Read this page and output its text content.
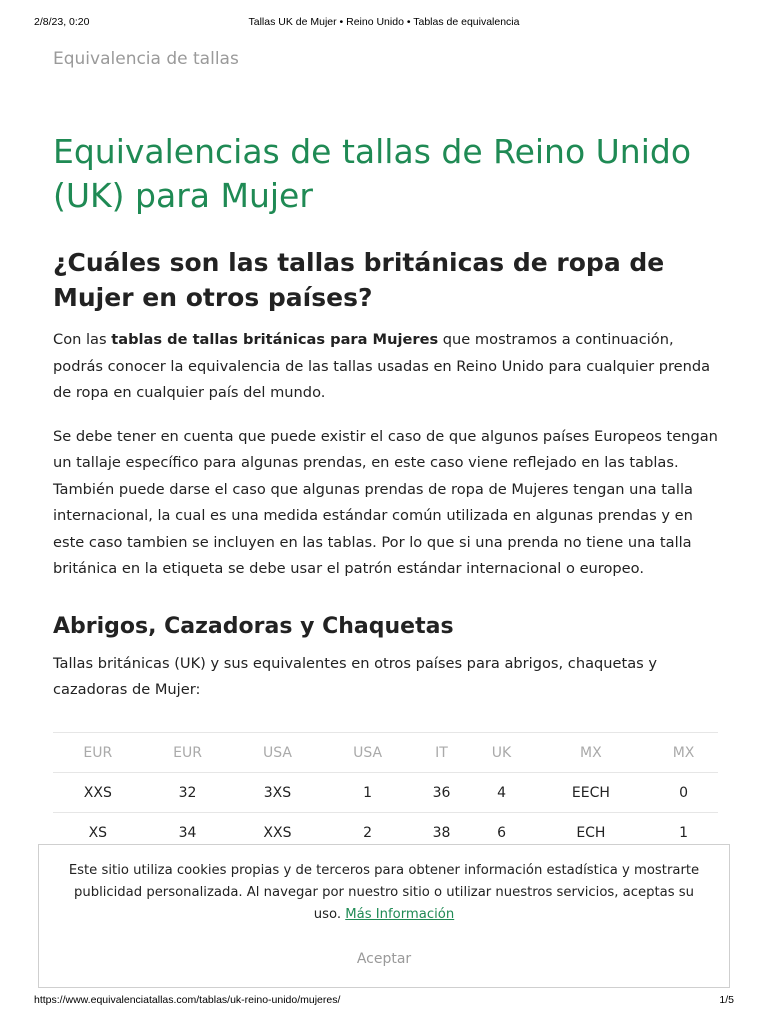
2/8/23, 0:20	Tallas UK de Mujer • Reino Unido • Tablas de equivalencia
Equivalencia de tallas
Equivalencias de tallas de Reino Unido (UK) para Mujer
¿Cuáles son las tallas británicas de ropa de Mujer en otros países?

Con las tablas de tallas británicas para Mujeres que mostramos a continuación, podrás conocer la equivalencia de las tallas usadas en Reino Unido para cualquier prenda de ropa en cualquier país del mundo.

Se debe tener en cuenta que puede existir el caso de que algunos países Europeos tengan un tallaje específico para algunas prendas, en este caso viene reflejado en las tablas. También puede darse el caso que algunas prendas de ropa de Mujeres tengan una talla internacional, la cual es una medida estándar común utilizada en algunas prendas y en este caso tambien se incluyen en las tablas. Por lo que si una prenda no tiene una talla británica en la etiqueta se debe usar el patrón estándar internacional o europeo.

Abrigos, Cazadoras y Chaquetas

Tallas británicas (UK) y sus equivalentes en otros países para abrigos, chaquetas y cazadoras de Mujer:

EUR	EUR	USA	USA	IT	UK	MX	MX
XXS	32	3XS	1	36	4	EECH	0
XS	34	XXS	2	38	6	ECH	1
Este sitio utiliza cookies propias y de terceros para obtener información estadística y mostrarte publicidad personalizada. Al navegar por nuestro sitio o utilizar nuestros servicios, aceptas su uso. Más Información
Aceptar
https://www.equivalenciatallas.com/tablas/uk-reino-unido/mujeres/	1/5
